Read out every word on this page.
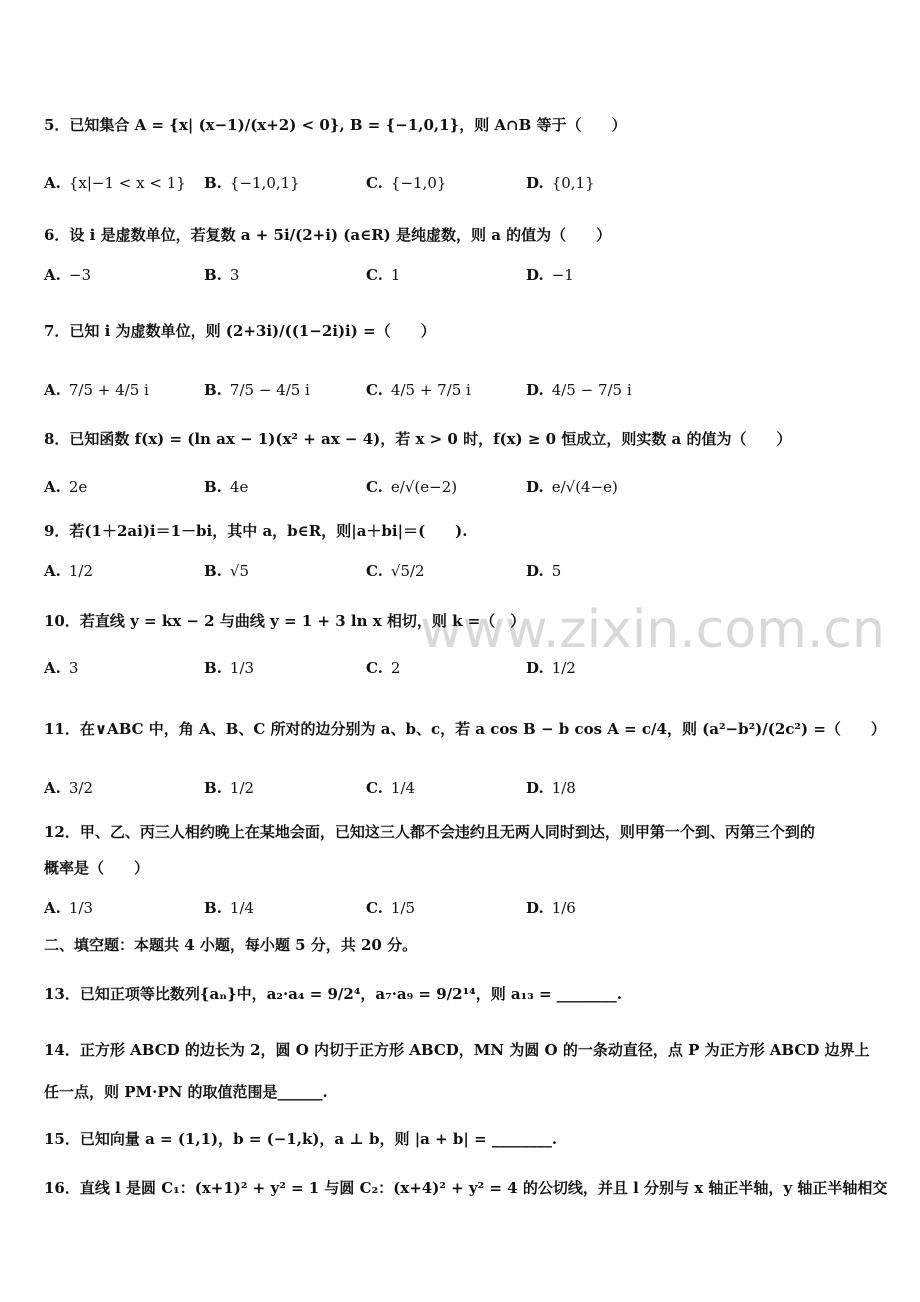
www.zixin.com.cn
5．已知集合 A = {x| (x−1)/(x+2) < 0}, B = {−1,0,1}，则 A∩B 等于（　　）
A. {x|−1 < x < 1} B. {−1,0,1}	C. {−1,0}	D. {0,1}
6．设 i 是虚数单位，若复数 a + 5i/(2+i) (a∈R) 是纯虚数，则 a 的值为（　　）
A. −3	B. 3	C. 1	D. −1
7．已知 i 为虚数单位，则 (2+3i)/((1−2i)i) =（　　）
A. 7/5 + 4/5 i	B. 7/5 − 4/5 i	C. 4/5 + 7/5 i	D. 4/5 − 7/5 i
8．已知函数 f(x) = (ln ax − 1)(x² + ax − 4)，若 x > 0 时，f(x) ≥ 0 恒成立，则实数 a 的值为（　　）
A. 2e	B. 4e	C. e/√(e−2)	D. e/√(4−e)
9．若(1＋2ai)i＝1－bi，其中 a，b∈R，则|a＋bi|＝(　　).
A. 1/2	B. √5	C. √5/2	D. 5
10．若直线 y = kx − 2 与曲线 y = 1 + 3 ln x 相切，则 k =（　）
A. 3	B. 1/3	C. 2	D. 1/2
11．在∨ABC 中，角 A、B、C 所对的边分别为 a、b、c，若 a cos B − b cos A = c/4，则 (a²−b²)/(2c²) =（　　）
A. 3/2	B. 1/2	C. 1/4	D. 1/8
12．甲、乙、丙三人相约晚上在某地会面，已知这三人都不会违约且无两人同时到达，则甲第一个到、丙第三个到的
概率是（　　）
A. 1/3	B. 1/4	C. 1/5	D. 1/6
二、填空题：本题共 4 小题，每小题 5 分，共 20 分。
13．已知正项等比数列{aₙ}中，a₂·a₄ = 9/2⁴，a₇·a₉ = 9/2¹⁴，则 a₁₃ = ________.
14．正方形 ABCD 的边长为 2，圆 O 内切于正方形 ABCD，MN 为圆 O 的一条动直径，点 P 为正方形 ABCD 边界上
任一点，则 PM·PN 的取值范围是______.
15．已知向量 a = (1,1)，b = (−1,k)，a ⊥ b，则 |a + b| = ________.
16．直线 l 是圆 C₁：(x+1)² + y² = 1 与圆 C₂：(x+4)² + y² = 4 的公切线，并且 l 分别与 x 轴正半轴，y 轴正半轴相交
